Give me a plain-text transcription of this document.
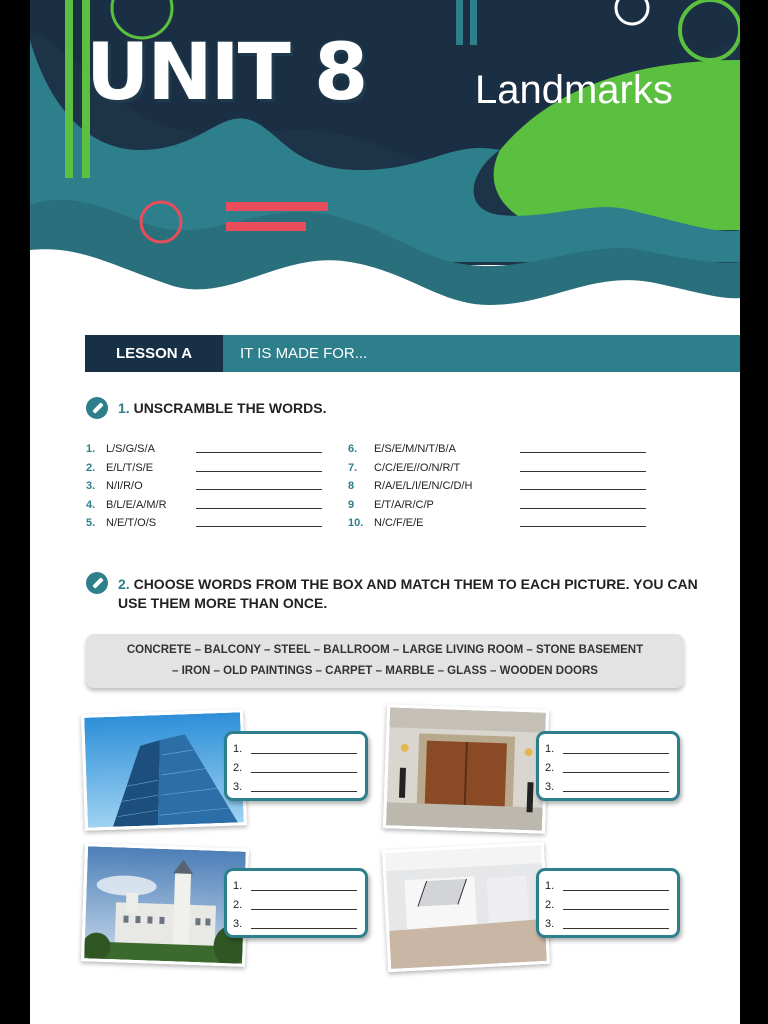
UNIT 8	Landmarks
LESSON A	IT IS MADE FOR...
1. UNSCRAMBLE THE WORDS.
1. L/S/G/S/A
2. E/L/T/S/E
3. N/I/R/O
4. B/L/E/A/M/R
5. N/E/T/O/S
6. E/S/E/M/N/T/B/A
7. C/C/E/E//O/N/R/T
8 R/A/E/L/I/E/N/C/D/H
9 E/T/A/R/C/P
10. N/C/F/E/E
2. CHOOSE WORDS FROM THE BOX AND MATCH THEM TO EACH PICTURE. YOU CAN
USE THEM MORE THAN ONCE.
CONCRETE – BALCONY – STEEL – BALLROOM – LARGE LIVING ROOM – STONE BASEMENT
– IRON – OLD PAINTINGS – CARPET – MARBLE – GLASS – WOODEN DOORS
1.
2.
3.
1.
2.
3.
1.
2.
3.
1.
2.
3.
